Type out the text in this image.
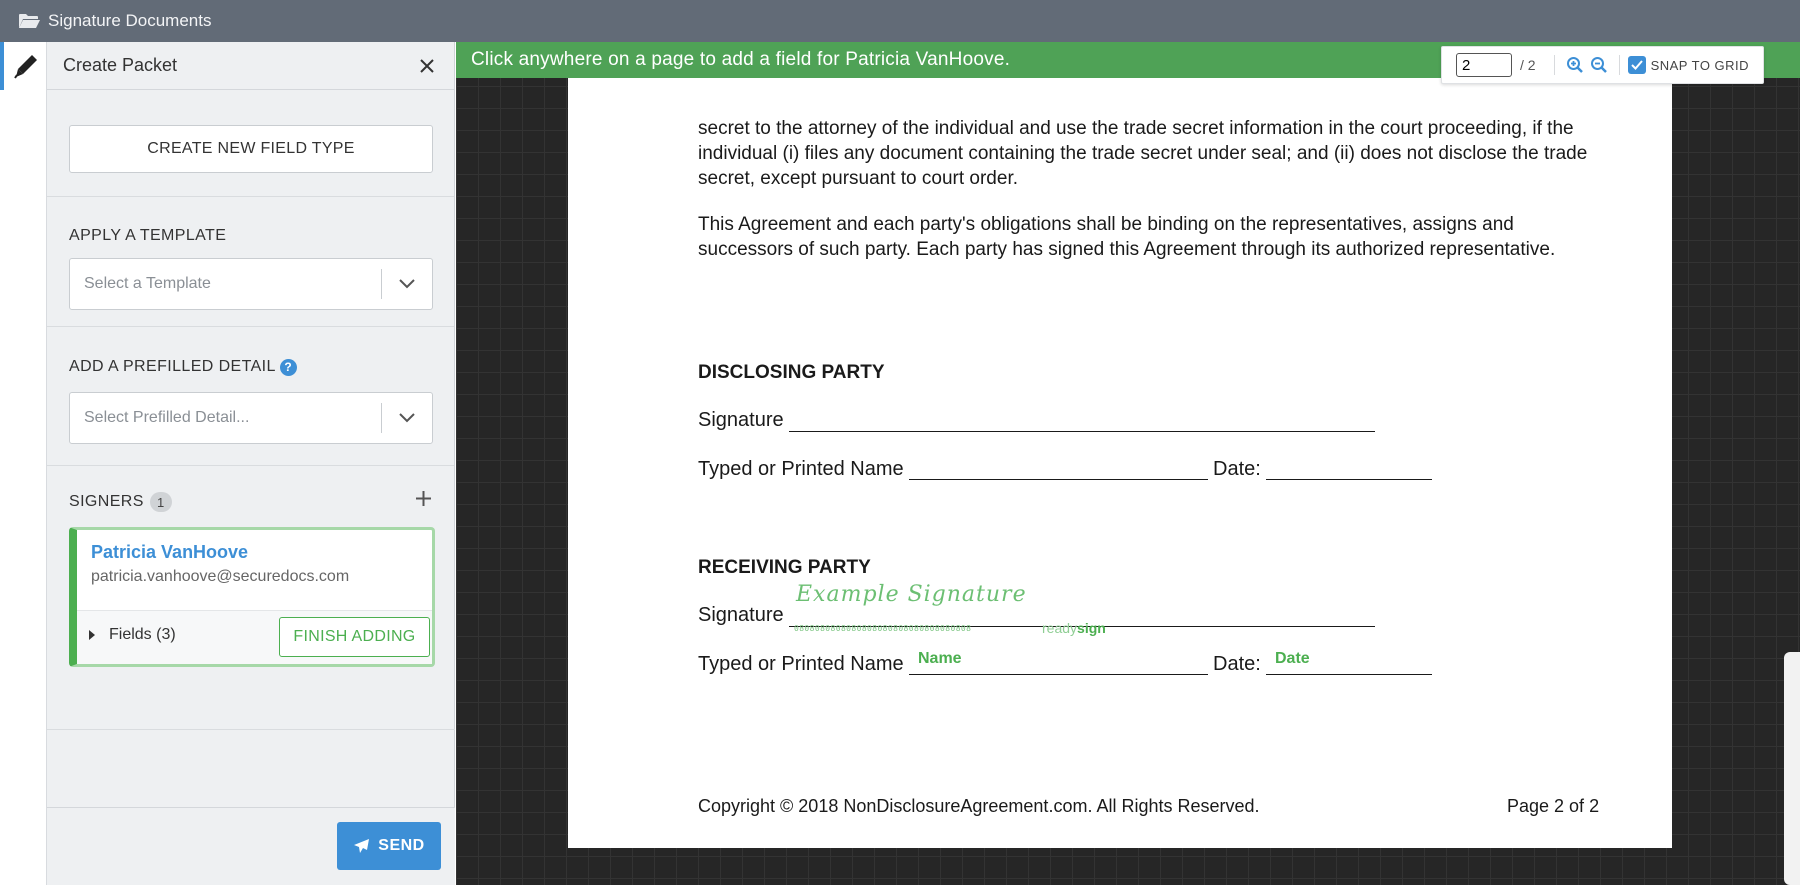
Signature Documents
Create Packet
CREATE NEW FIELD TYPE
APPLY A TEMPLATE
Select a Template
ADD A PREFILLED DETAIL ?
Select Prefilled Detail...
SIGNERS	1
Patricia VanHoove
patricia.vanhoove@securedocs.com
Fields (3)	FINISH ADDING
SEND

secret to the attorney of the individual and use the trade secret information in the court proceeding, if the individual (i) files any document containing the trade secret under seal; and (ii) does not disclose the trade secret, except pursuant to court order.

This Agreement and each party's obligations shall be binding on the representatives, assigns and successors of such party. Each party has signed this Agreement through its authorized representative.

DISCLOSING PARTY
Signature
Typed or Printed Name	Date:
RECEIVING PARTY
Signature
Example Signature
0808080808080808080808080808080808	readysign
Typed or Printed Name Name	Date: Date
Copyright © 2018 NonDisclosureAgreement.com. All Rights Reserved.	Page 2 of 2
Click anywhere on a page to add a field for Patricia VanHoove.
2	/ 2	SNAP TO GRID
